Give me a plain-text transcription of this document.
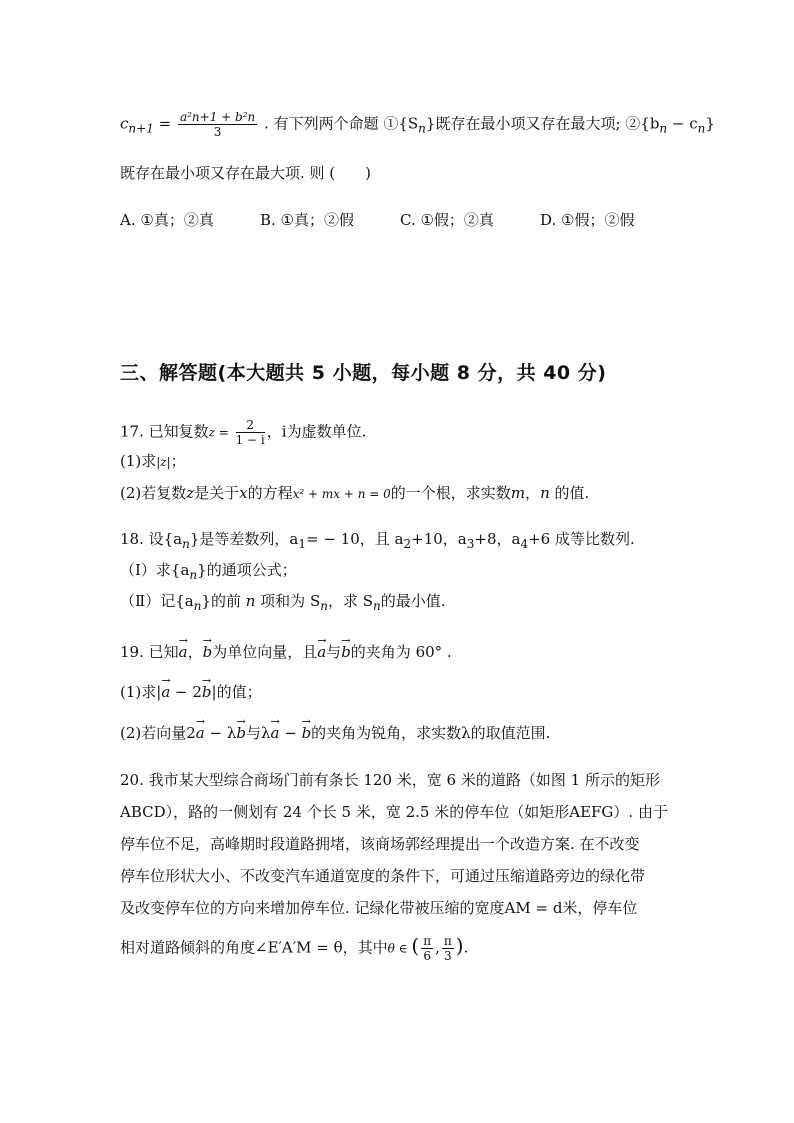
$c_{n+1} = \frac{\text{a²n+1 + b²n}}{3}$ . 有下列两个命题 $①\{S_n\}$既存在最小项又存在最大项; $②\{b_n - c_n\}$
既存在最小项又存在最大项. 则 (　　)
A. ①真；②真	B. ①真；②假	C. ①假；②真	D. ①假；②假
三、解答题(本大题共 5 小题，每小题 8 分，共 40 分)
17. 已知复数$z = \frac{2}{1 - i}$ ，i为虚数单位.
(1)求|z|；
(2)若复数z是关于x的方程x² + mx + n = 0的一个根，求实数m，n 的值.
18. 设$\{a_n\}$是等差数列，$a_1= - 10$，且 $a_2+10$，$a_3+8$，$a_4+6$ 成等比数列.
（Ⅰ）求$\{a_n\}$的通项公式；
（Ⅱ）记$\{a_n\}$的前 n 项和为 $S_n$，求 $S_n$的最小值.
19. 已知→ a，→ b为单位向量，且→ a与→ b的夹角为 60° .
(1)求|→ a − 2→ b|的值；
(2)若向量2→ a − λ→ b与λ→ a − → b的夹角为锐角，求实数λ的取值范围.
20. 我市某大型综合商场门前有条长 120 米，宽 6 米的道路（如图 1 所示的矩形
ABCD），路的一侧划有 24 个长 5 米，宽 2.5 米的停车位（如矩形AEFG）. 由于
停车位不足，高峰期时段道路拥堵，该商场郭经理提出一个改造方案. 在不改变
停车位形状大小、不改变汽车通道宽度的条件下，可通过压缩道路旁边的绿化带
及改变停车位的方向来增加停车位. 记绿化带被压缩的宽度AM = d米，停车位
相对道路倾斜的角度∠E′A′M = θ，其中θ ∈ ( $\frac{\pi}{6}$ , $\frac{\pi}{3}$ ).
